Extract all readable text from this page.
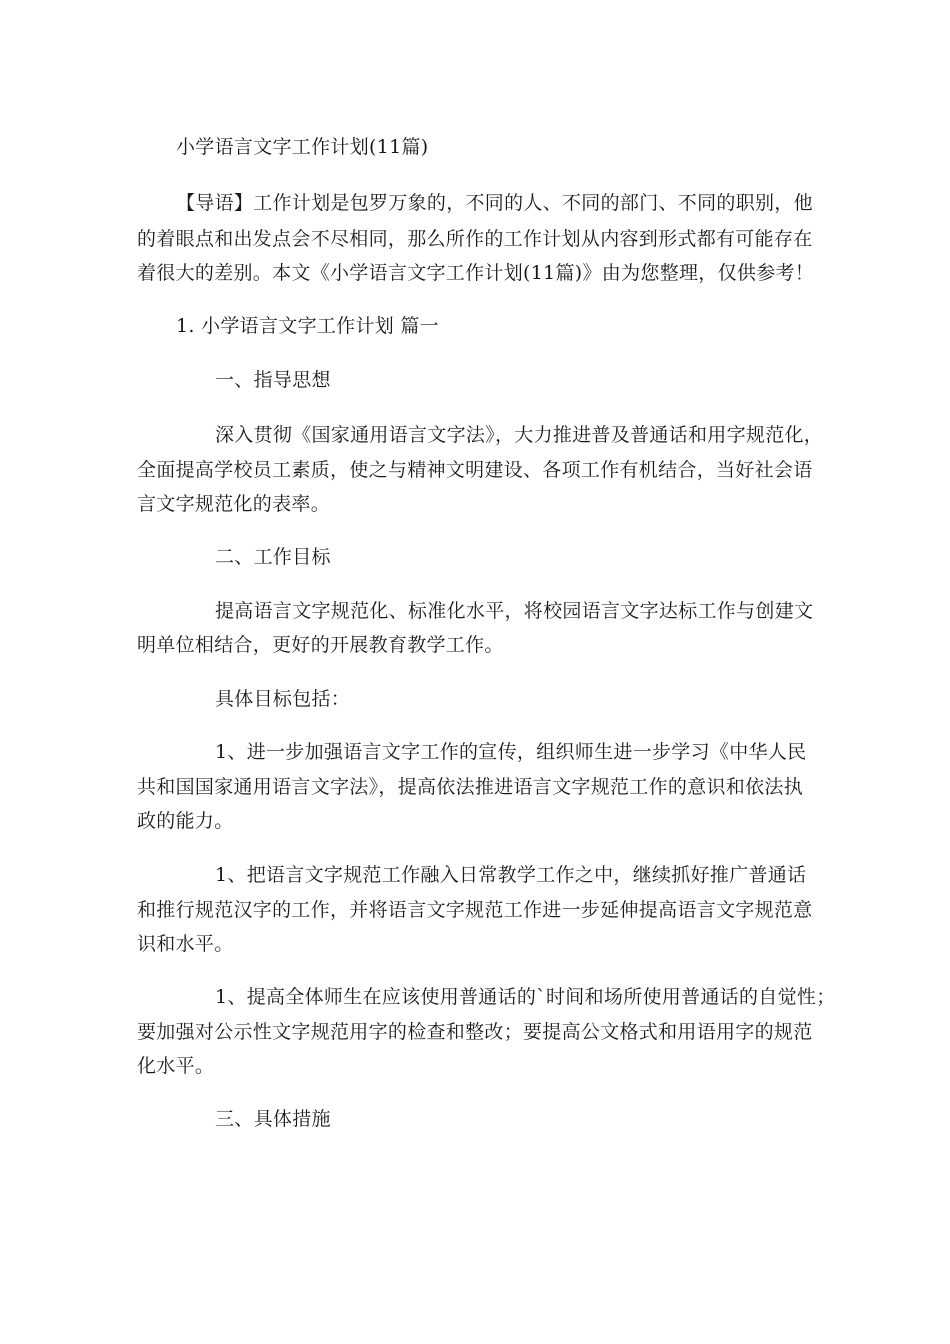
小学语言文字工作计划(11篇)
【导语】工作计划是包罗万象的，不同的人、不同的部门、不同的职别，他
的着眼点和出发点会不尽相同，那么所作的工作计划从内容到形式都有可能存在
着很大的差别。本文《小学语言文字工作计划(11篇)》由为您整理，仅供参考！
1. 小学语言文字工作计划 篇一
一、指导思想
深入贯彻《国家通用语言文字法》，大力推进普及普通话和用字规范化，
全面提高学校员工素质，使之与精神文明建设、各项工作有机结合，当好社会语
言文字规范化的表率。
二、工作目标
提高语言文字规范化、标准化水平，将校园语言文字达标工作与创建文
明单位相结合，更好的开展教育教学工作。
具体目标包括：
1、进一步加强语言文字工作的宣传，组织师生进一步学习《中华人民
共和国国家通用语言文字法》，提高依法推进语言文字规范工作的意识和依法执
政的能力。
1、把语言文字规范工作融入日常教学工作之中，继续抓好推广普通话
和推行规范汉字的工作，并将语言文字规范工作进一步延伸提高语言文字规范意
识和水平。
1、提高全体师生在应该使用普通话的`时间和场所使用普通话的自觉性；
要加强对公示性文字规范用字的检查和整改；要提高公文格式和用语用字的规范
化水平。
三、具体措施
